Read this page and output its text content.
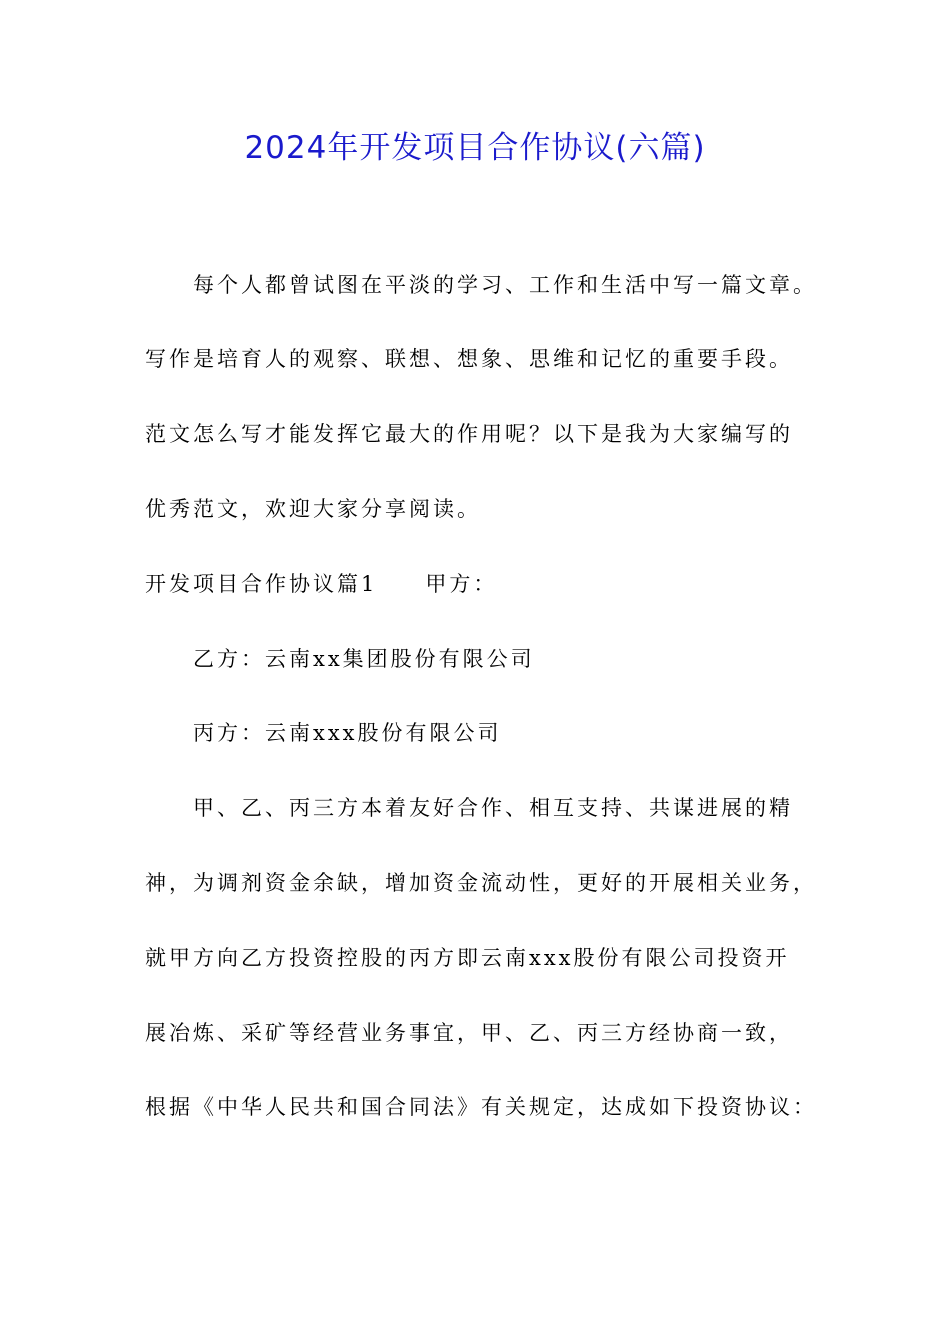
2024年开发项目合作协议(六篇)
每个人都曾试图在平淡的学习、工作和生活中写一篇文章。
写作是培育人的观察、联想、想象、思维和记忆的重要手段。
范文怎么写才能发挥它最大的作用呢？以下是我为大家编写的
优秀范文，欢迎大家分享阅读。
开发项目合作协议篇1　　甲方：
乙方：云南xx集团股份有限公司
丙方：云南xxx股份有限公司
甲、乙、丙三方本着友好合作、相互支持、共谋进展的精
神，为调剂资金余缺，增加资金流动性，更好的开展相关业务，
就甲方向乙方投资控股的丙方即云南xxx股份有限公司投资开
展冶炼、采矿等经营业务事宜，甲、乙、丙三方经协商一致，
根据《中华人民共和国合同法》有关规定，达成如下投资协议：
